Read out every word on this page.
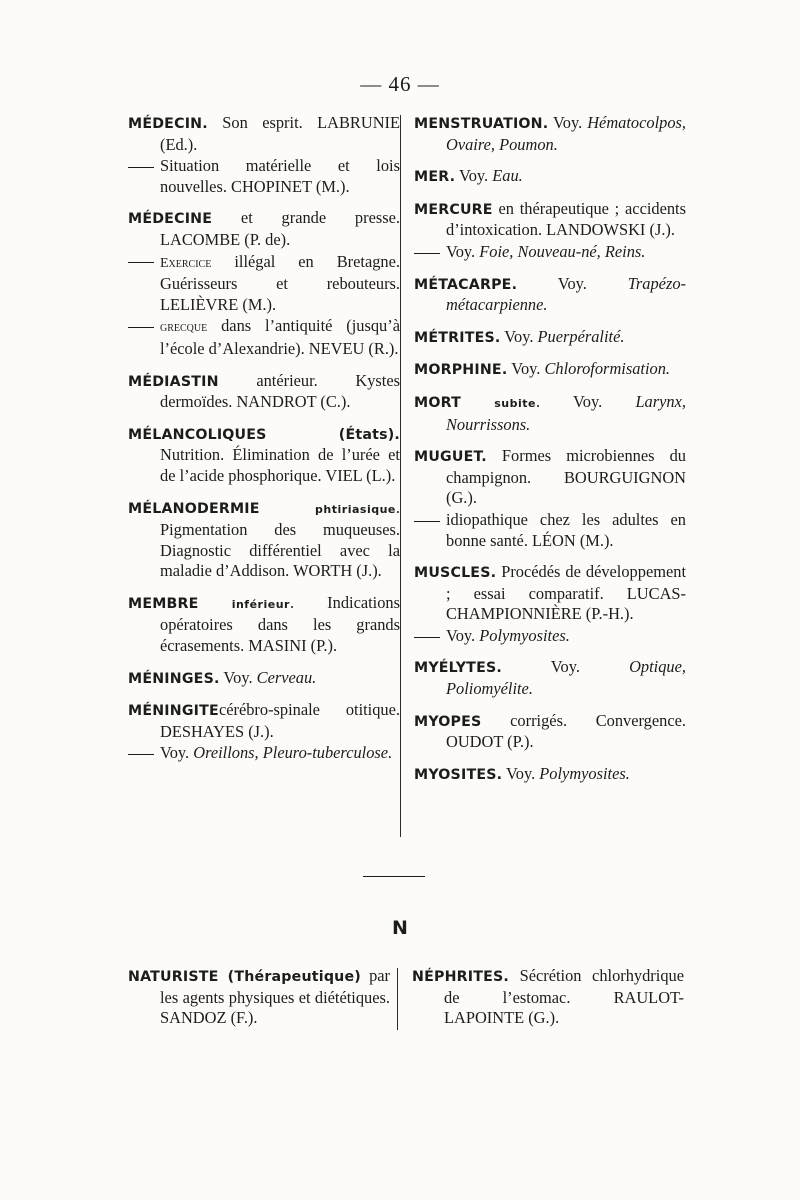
— 46 —

MÉDECIN. Son esprit. LABRUNIE (Ed.).

Situation matérielle et lois nouvelles. CHOPINET (M.).

MÉDECINE et grande presse. LACOMBE (P. de).

Exercice illégal en Bretagne. Guérisseurs et rebouteurs. LELIÈVRE (M.).

grecque dans l’antiquité (jusqu’à l’école d’Alexandrie). NEVEU (R.).

MÉDIASTIN antérieur. Kystes dermoïdes. NANDROT (C.).

MÉLANCOLIQUES (États). Nutrition. Élimination de l’urée et de l’acide phosphorique. VIEL (L.).

MÉLANODERMIE	phtiriasique. Pigmentation des muqueuses. Diagnostic différentiel avec la maladie d’Addison. WORTH (J.).

MEMBRE	inférieur. Indications opératoires dans les grands écrasements. MASINI (P.).

MÉNINGES. Voy. Cerveau.

MÉNINGITEcérébro-spinale otitique. DESHAYES (J.).

Voy. Oreillons, Pleuro-tuberculose.

MENSTRUATION. Voy. Hématocolpos, Ovaire, Poumon.

MER. Voy. Eau.

MERCURE en thérapeutique ; accidents d’intoxication. LANDOWSKI (J.).

Voy. Foie, Nouveau-né, Reins.

MÉTACARPE. Voy. Trapézo-métacarpienne.

MÉTRITES. Voy. Puerpéralité.

MORPHINE. Voy. Chloroformisation.

MORT	subite. Voy. Larynx, Nourrissons.

MUGUET. Formes microbiennes du champignon. BOURGUIGNON (G.).

idiopathique chez les adultes en bonne santé. LÉON (M.).

MUSCLES. Procédés de développement ; essai comparatif. LUCAS-CHAMPIONNIÈRE (P.-H.).

Voy. Polymyosites.

MYÉLYTES. Voy. Optique, Poliomyélite.

MYOPES corrigés. Convergence. OUDOT (P.).

MYOSITES. Voy. Polymyosites.

N

NATURISTE (Thérapeutique) par les agents physiques et diététiques. SANDOZ (F.).

NÉPHRITES. Sécrétion chlorhydrique de l’estomac. RAULOT-LAPOINTE (G.).
